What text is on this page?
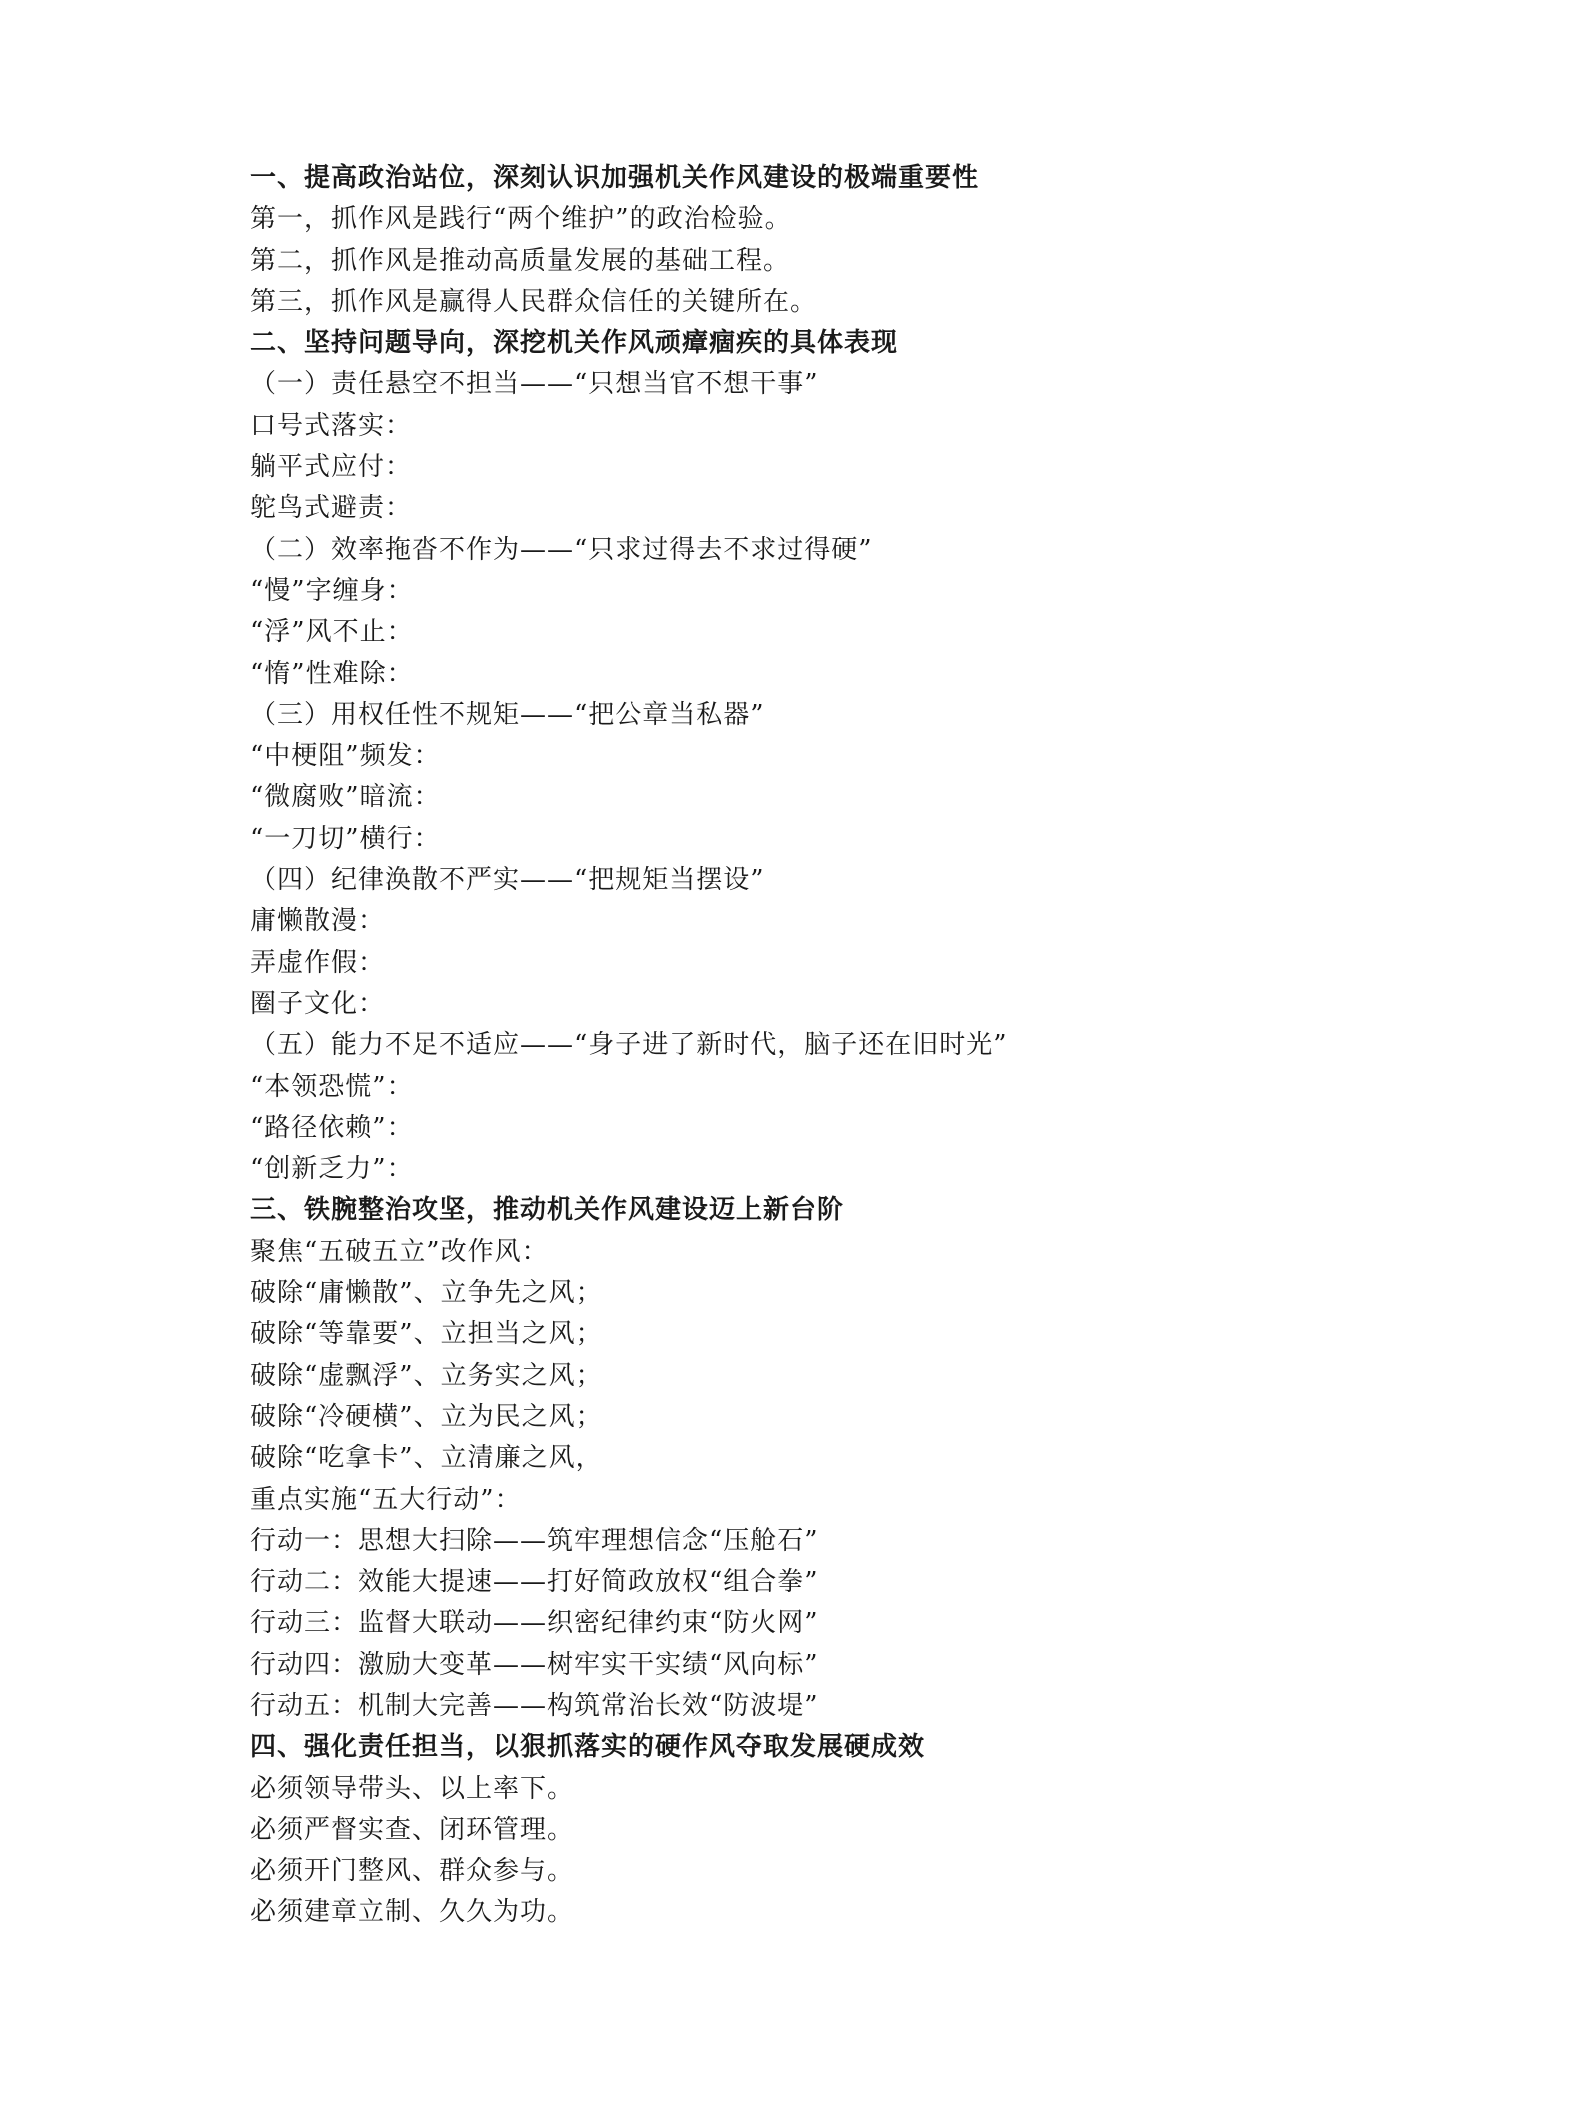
一、提高政治站位，深刻认识加强机关作风建设的极端重要性
第一，抓作风是践行“两个维护”的政治检验。
第二，抓作风是推动高质量发展的基础工程。
第三，抓作风是赢得人民群众信任的关键所在。
二、坚持问题导向，深挖机关作风顽瘴痼疾的具体表现
（一）责任悬空不担当——“只想当官不想干事”
口号式落实：
躺平式应付：
鸵鸟式避责：
（二）效率拖沓不作为——“只求过得去不求过得硬”
“慢”字缠身：
“浮”风不止：
“惰”性难除：
（三）用权任性不规矩——“把公章当私器”
“中梗阻”频发：
“微腐败”暗流：
“一刀切”横行：
（四）纪律涣散不严实——“把规矩当摆设”
庸懒散漫：
弄虚作假：
圈子文化：
（五）能力不足不适应——“身子进了新时代，脑子还在旧时光”
“本领恐慌”：
“路径依赖”：
“创新乏力”：
三、铁腕整治攻坚，推动机关作风建设迈上新台阶
聚焦“五破五立”改作风：
破除“庸懒散”、立争先之风；
破除“等靠要”、立担当之风；
破除“虚飘浮”、立务实之风；
破除“冷硬横”、立为民之风；
破除“吃拿卡”、立清廉之风，
重点实施“五大行动”：
行动一：思想大扫除——筑牢理想信念“压舱石”
行动二：效能大提速——打好简政放权“组合拳”
行动三：监督大联动——织密纪律约束“防火网”
行动四：激励大变革——树牢实干实绩“风向标”
行动五：机制大完善——构筑常治长效“防波堤”
四、强化责任担当，以狠抓落实的硬作风夺取发展硬成效
必须领导带头、以上率下。
必须严督实查、闭环管理。
必须开门整风、群众参与。
必须建章立制、久久为功。
